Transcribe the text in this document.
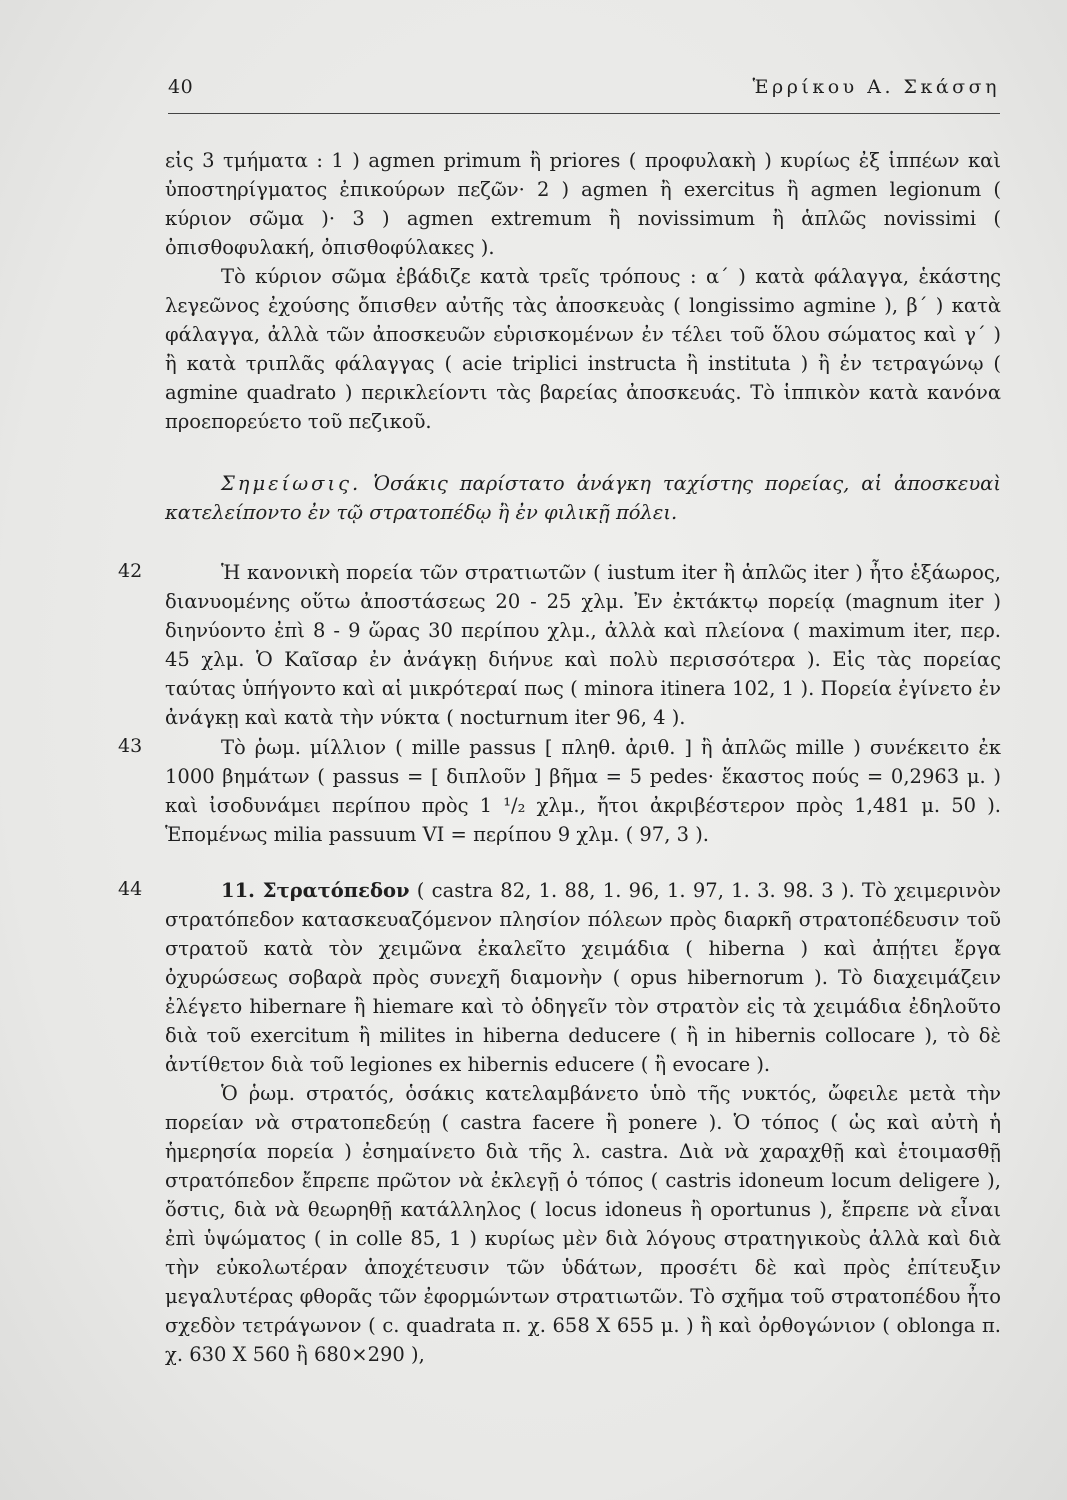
40	Ἑρρίκου Α. Σκάσση

εἰς 3 τμήματα : 1 ) agmen primum ἢ priores ( προφυλακὴ ) κυρίως ἐξ ἱππέων καὶ ὑποστηρίγματος ἐπικούρων πεζῶν· 2 ) agmen ἢ exercitus ἢ agmen legionum ( κύριον σῶμα )· 3 ) agmen extremum ἢ novissimum ἢ ἁπλῶς novissimi ( ὀπισθοφυλακή, ὀπισθοφύλακες ).

Τὸ κύριον σῶμα ἐβάδιζε κατὰ τρεῖς τρόπους : α΄ ) κατὰ φάλαγγα, ἑκάστης λεγεῶνος ἐχούσης ὄπισθεν αὐτῆς τὰς ἀποσκευὰς ( longissimo agmine ), β΄ ) κατὰ φάλαγγα, ἀλλὰ τῶν ἀποσκευῶν εὑρισκομένων ἐν τέλει τοῦ ὅλου σώματος καὶ γ΄ ) ἢ κατὰ τριπλᾶς φάλαγγας ( acie triplici instructa ἢ instituta ) ἢ ἐν τετραγώνῳ ( agmine quadrato ) περικλείοντι τὰς βαρείας ἀποσκευάς. Τὸ ἱππικὸν κατὰ κανόνα προεπορεύετο τοῦ πεζικοῦ.

Σημείωσις. Ὁσάκις παρίστατο ἀνάγκη ταχίστης πορείας, αἱ ἀποσκευαὶ κατελείποντο ἐν τῷ στρατοπέδῳ ἢ ἐν φιλικῇ πόλει.

42	Ἡ κανονικὴ πορεία τῶν στρατιωτῶν ( iustum iter ἢ ἁπλῶς iter ) ἦτο ἑξάωρος, διανυομένης οὕτω ἀποστάσεως 20 - 25 χλμ. Ἐν ἐκτάκτῳ πορείᾳ (magnum iter ) διηνύοντο ἐπὶ 8 - 9 ὥρας 30 περίπου χλμ., ἀλλὰ καὶ πλείονα ( maximum iter, περ. 45 χλμ. Ὁ Καῖσαρ ἐν ἀνάγκῃ διήνυε καὶ πολὺ περισσότερα ). Εἰς τὰς πορείας ταύτας ὑπήγοντο καὶ αἱ μικρότεραί πως ( minora itinera 102, 1 ). Πορεία ἐγίνετο ἐν ἀνάγκῃ καὶ κατὰ τὴν νύκτα ( nocturnum iter 96, 4 ).

43	Τὸ ῥωμ. μίλλιον ( mille passus [ πληθ. ἀριθ. ] ἢ ἁπλῶς mille ) συνέκειτο ἐκ 1000 βημάτων ( passus = [ διπλοῦν ] βῆμα = 5 pedes· ἕκαστος πούς = 0,2963 μ. ) καὶ ἰσοδυνάμει περίπου πρὸς 1 ¹/₂ χλμ., ἤτοι ἀκριβέστερον πρὸς 1,481 μ. 50 ). Ἑπομένως milia passuum VI = περίπου 9 χλμ. ( 97, 3 ).

44	11. Στρατόπεδον ( castra 82, 1. 88, 1. 96, 1. 97, 1. 3. 98. 3 ). Τὸ χειμερινὸν στρατόπεδον κατασκευαζόμενον πλησίον πόλεων πρὸς διαρκῆ στρατοπέδευσιν τοῦ στρατοῦ κατὰ τὸν χειμῶνα ἐκαλεῖτο χειμάδια ( hiberna ) καὶ ἀπῄτει ἔργα ὀχυρώσεως σοβαρὰ πρὸς συνεχῆ διαμονὴν ( opus hibernorum ). Τὸ διαχειμάζειν ἐλέγετο hibernare ἢ hiemare καὶ τὸ ὁδηγεῖν τὸν στρατὸν εἰς τὰ χειμάδια ἐδηλοῦτο διὰ τοῦ exercitum ἢ milites in hiberna deducere ( ἢ in hibernis collocare ), τὸ δὲ ἀντίθετον διὰ τοῦ legiones ex hibernis educere ( ἢ evocare ).

Ὁ ῥωμ. στρατός, ὁσάκις κατελαμβάνετο ὑπὸ τῆς νυκτός, ὤφειλε μετὰ τὴν πορείαν νὰ στρατοπεδεύῃ ( castra facere ἢ ponere ). Ὁ τόπος ( ὡς καὶ αὐτὴ ἡ ἡμερησία πορεία ) ἐσημαίνετο διὰ τῆς λ. castra. Διὰ νὰ χαραχθῇ καὶ ἑτοιμασθῇ στρατόπεδον ἔπρεπε πρῶτον νὰ ἐκλεγῇ ὁ τόπος ( castris idoneum locum deligere ), ὅστις, διὰ νὰ θεωρηθῇ κατάλληλος ( locus idoneus ἢ oportunus ), ἔπρεπε νὰ εἶναι ἐπὶ ὑψώματος ( in colle 85, 1 ) κυρίως μὲν διὰ λόγους στρατηγικοὺς ἀλλὰ καὶ διὰ τὴν εὐκολωτέραν ἀποχέτευσιν τῶν ὑδάτων, προσέτι δὲ καὶ πρὸς ἐπίτευξιν μεγαλυτέρας φθορᾶς τῶν ἐφορμώντων στρατιωτῶν. Τὸ σχῆμα τοῦ στρατοπέδου ἦτο σχεδὸν τετράγωνον ( c. quadrata π. χ. 658 X 655 μ. ) ἢ καὶ ὀρθογώνιον ( oblonga π. χ. 630 X 560 ἢ 680×290 ),
